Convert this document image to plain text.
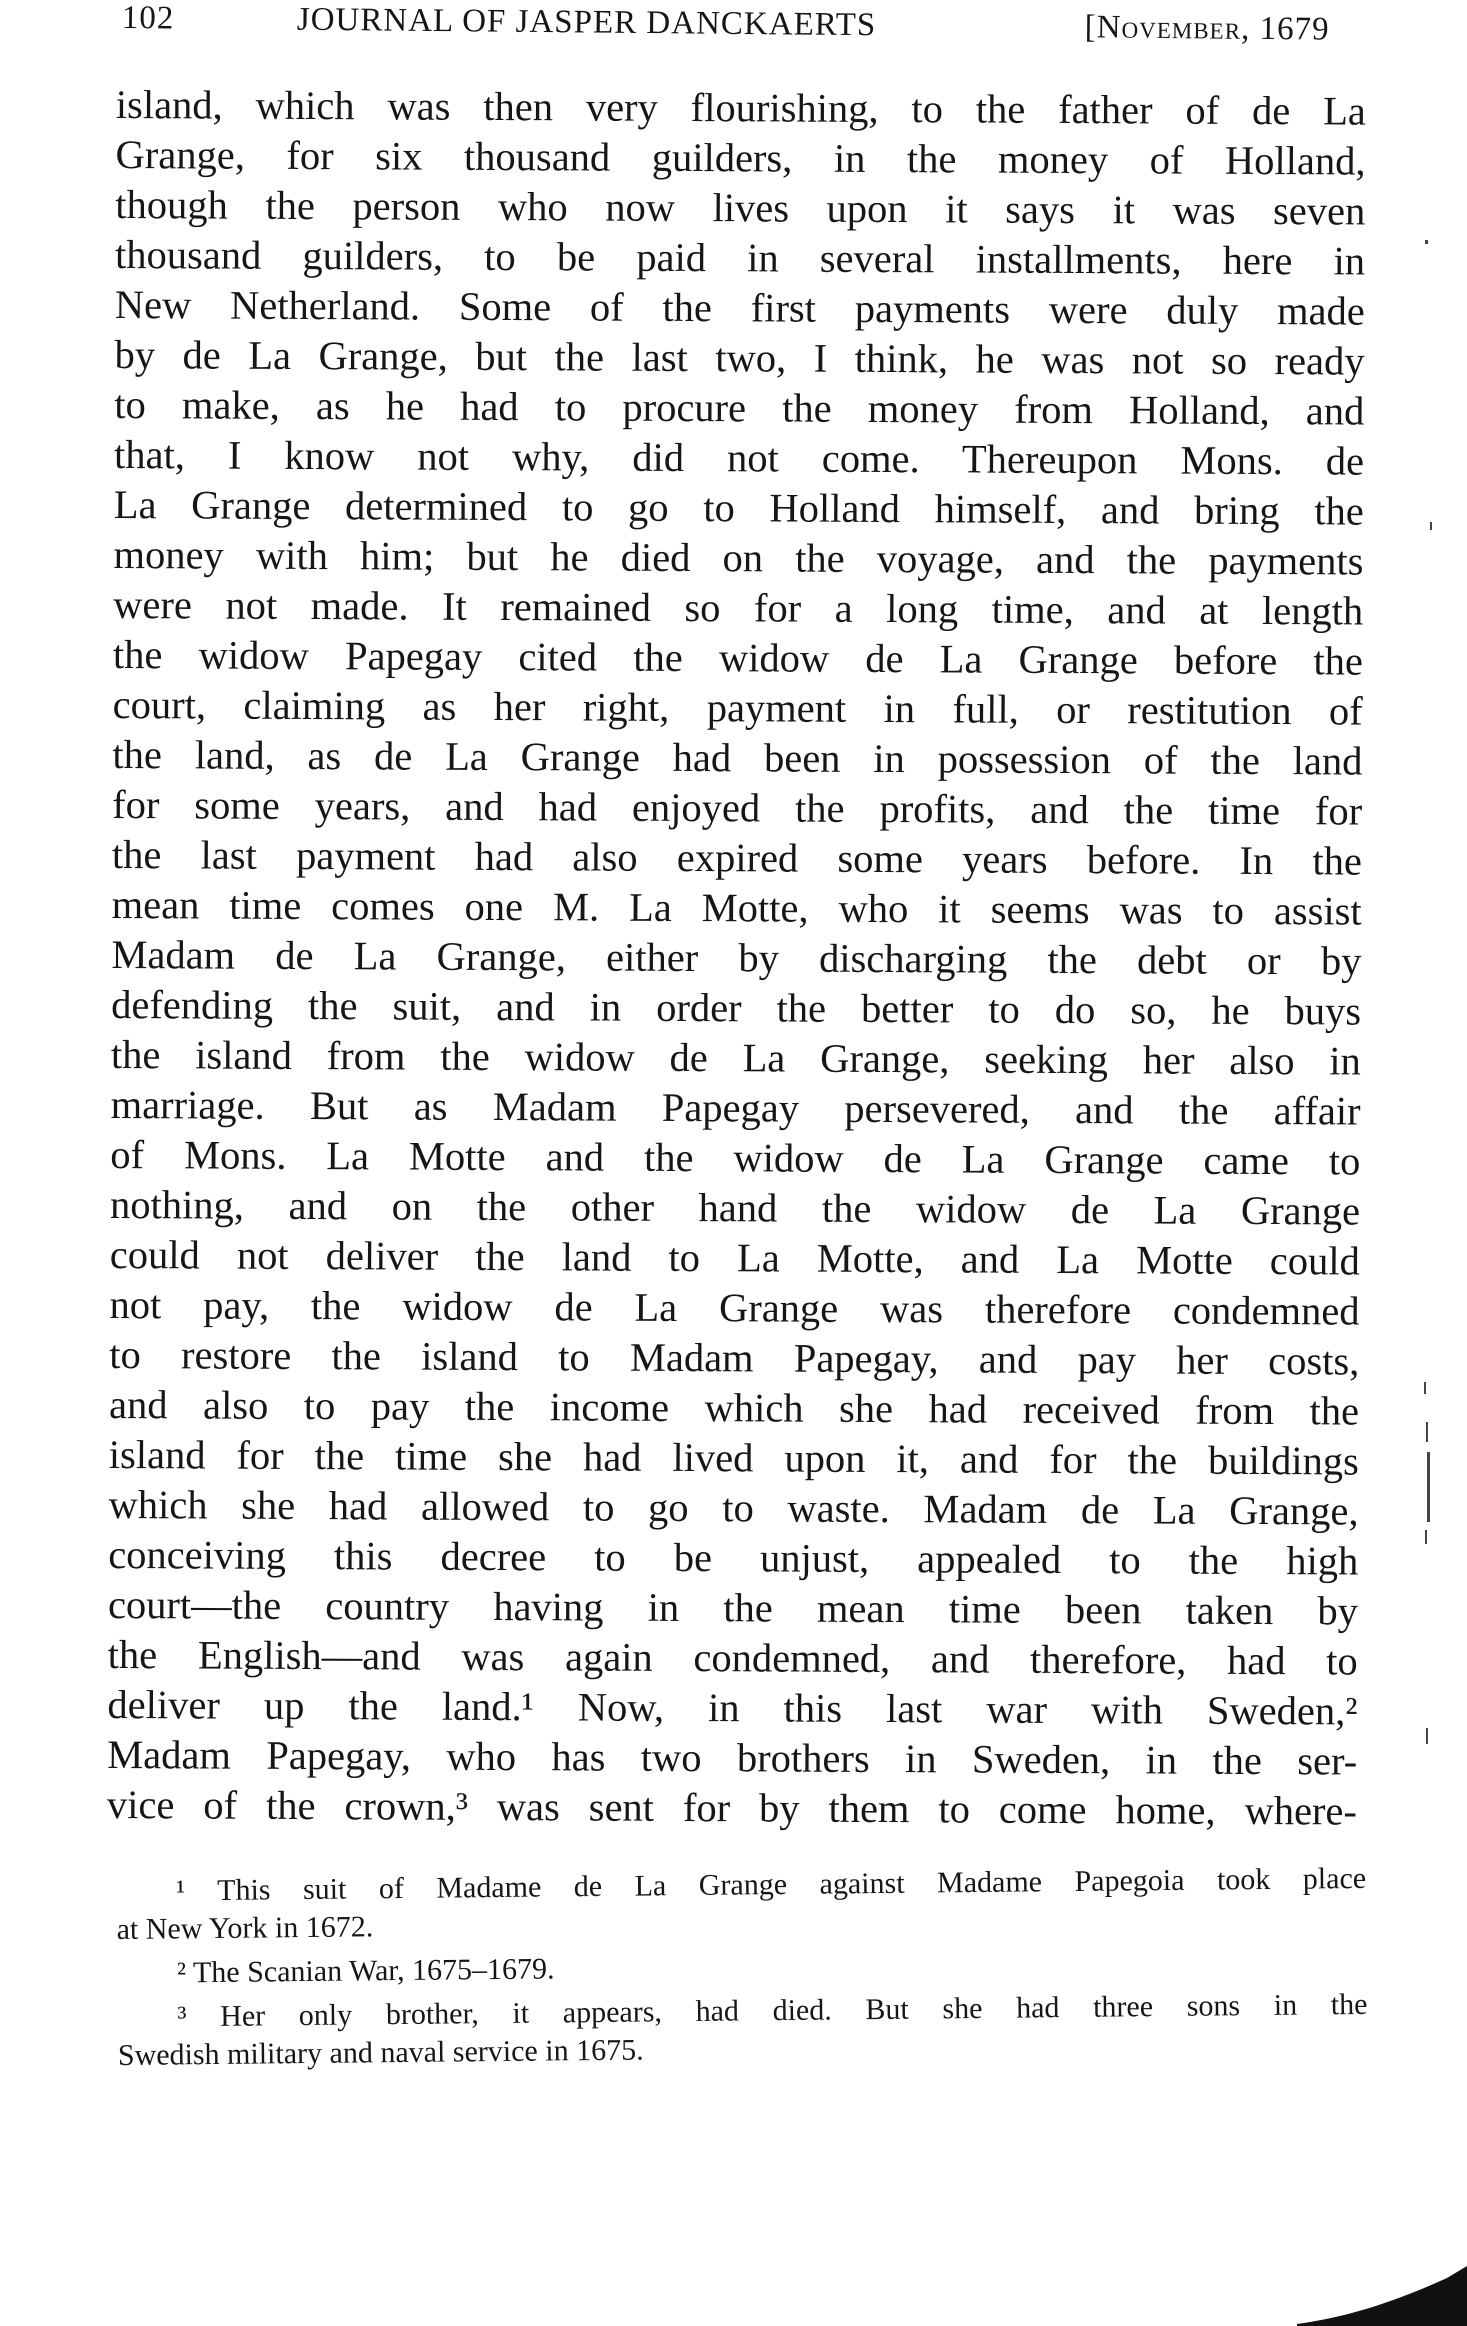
102	JOURNAL OF JASPER DANCKAERTS	[November, 1679
island, which was then very flourishing, to the father of de La
Grange, for six thousand guilders, in the money of Holland,
though the person who now lives upon it says it was seven
thousand guilders, to be paid in several installments, here in
New Netherland. Some of the first payments were duly made
by de La Grange, but the last two, I think, he was not so ready
to make, as he had to procure the money from Holland, and
that, I know not why, did not come. Thereupon Mons. de
La Grange determined to go to Holland himself, and bring the
money with him; but he died on the voyage, and the payments
were not made. It remained so for a long time, and at length
the widow Papegay cited the widow de La Grange before the
court, claiming as her right, payment in full, or restitution of
the land, as de La Grange had been in possession of the land
for some years, and had enjoyed the profits, and the time for
the last payment had also expired some years before. In the
mean time comes one M. La Motte, who it seems was to assist
Madam de La Grange, either by discharging the debt or by
defending the suit, and in order the better to do so, he buys
the island from the widow de La Grange, seeking her also in
marriage. But as Madam Papegay persevered, and the affair
of Mons. La Motte and the widow de La Grange came to
nothing, and on the other hand the widow de La Grange
could not deliver the land to La Motte, and La Motte could
not pay, the widow de La Grange was therefore condemned
to restore the island to Madam Papegay, and pay her costs,
and also to pay the income which she had received from the
island for the time she had lived upon it, and for the buildings
which she had allowed to go to waste. Madam de La Grange,
conceiving this decree to be unjust, appealed to the high
court—the country having in the mean time been taken by
the English—and was again condemned, and therefore, had to
deliver up the land.¹ Now, in this last war with Sweden,²
Madam Papegay, who has two brothers in Sweden, in the ser-
vice of the crown,³ was sent for by them to come home, where-
¹ This suit of Madame de La Grange against Madame Papegoia took place
at New York in 1672.
² The Scanian War, 1675–1679.
³ Her only brother, it appears, had died. But she had three sons in the
Swedish military and naval service in 1675.
